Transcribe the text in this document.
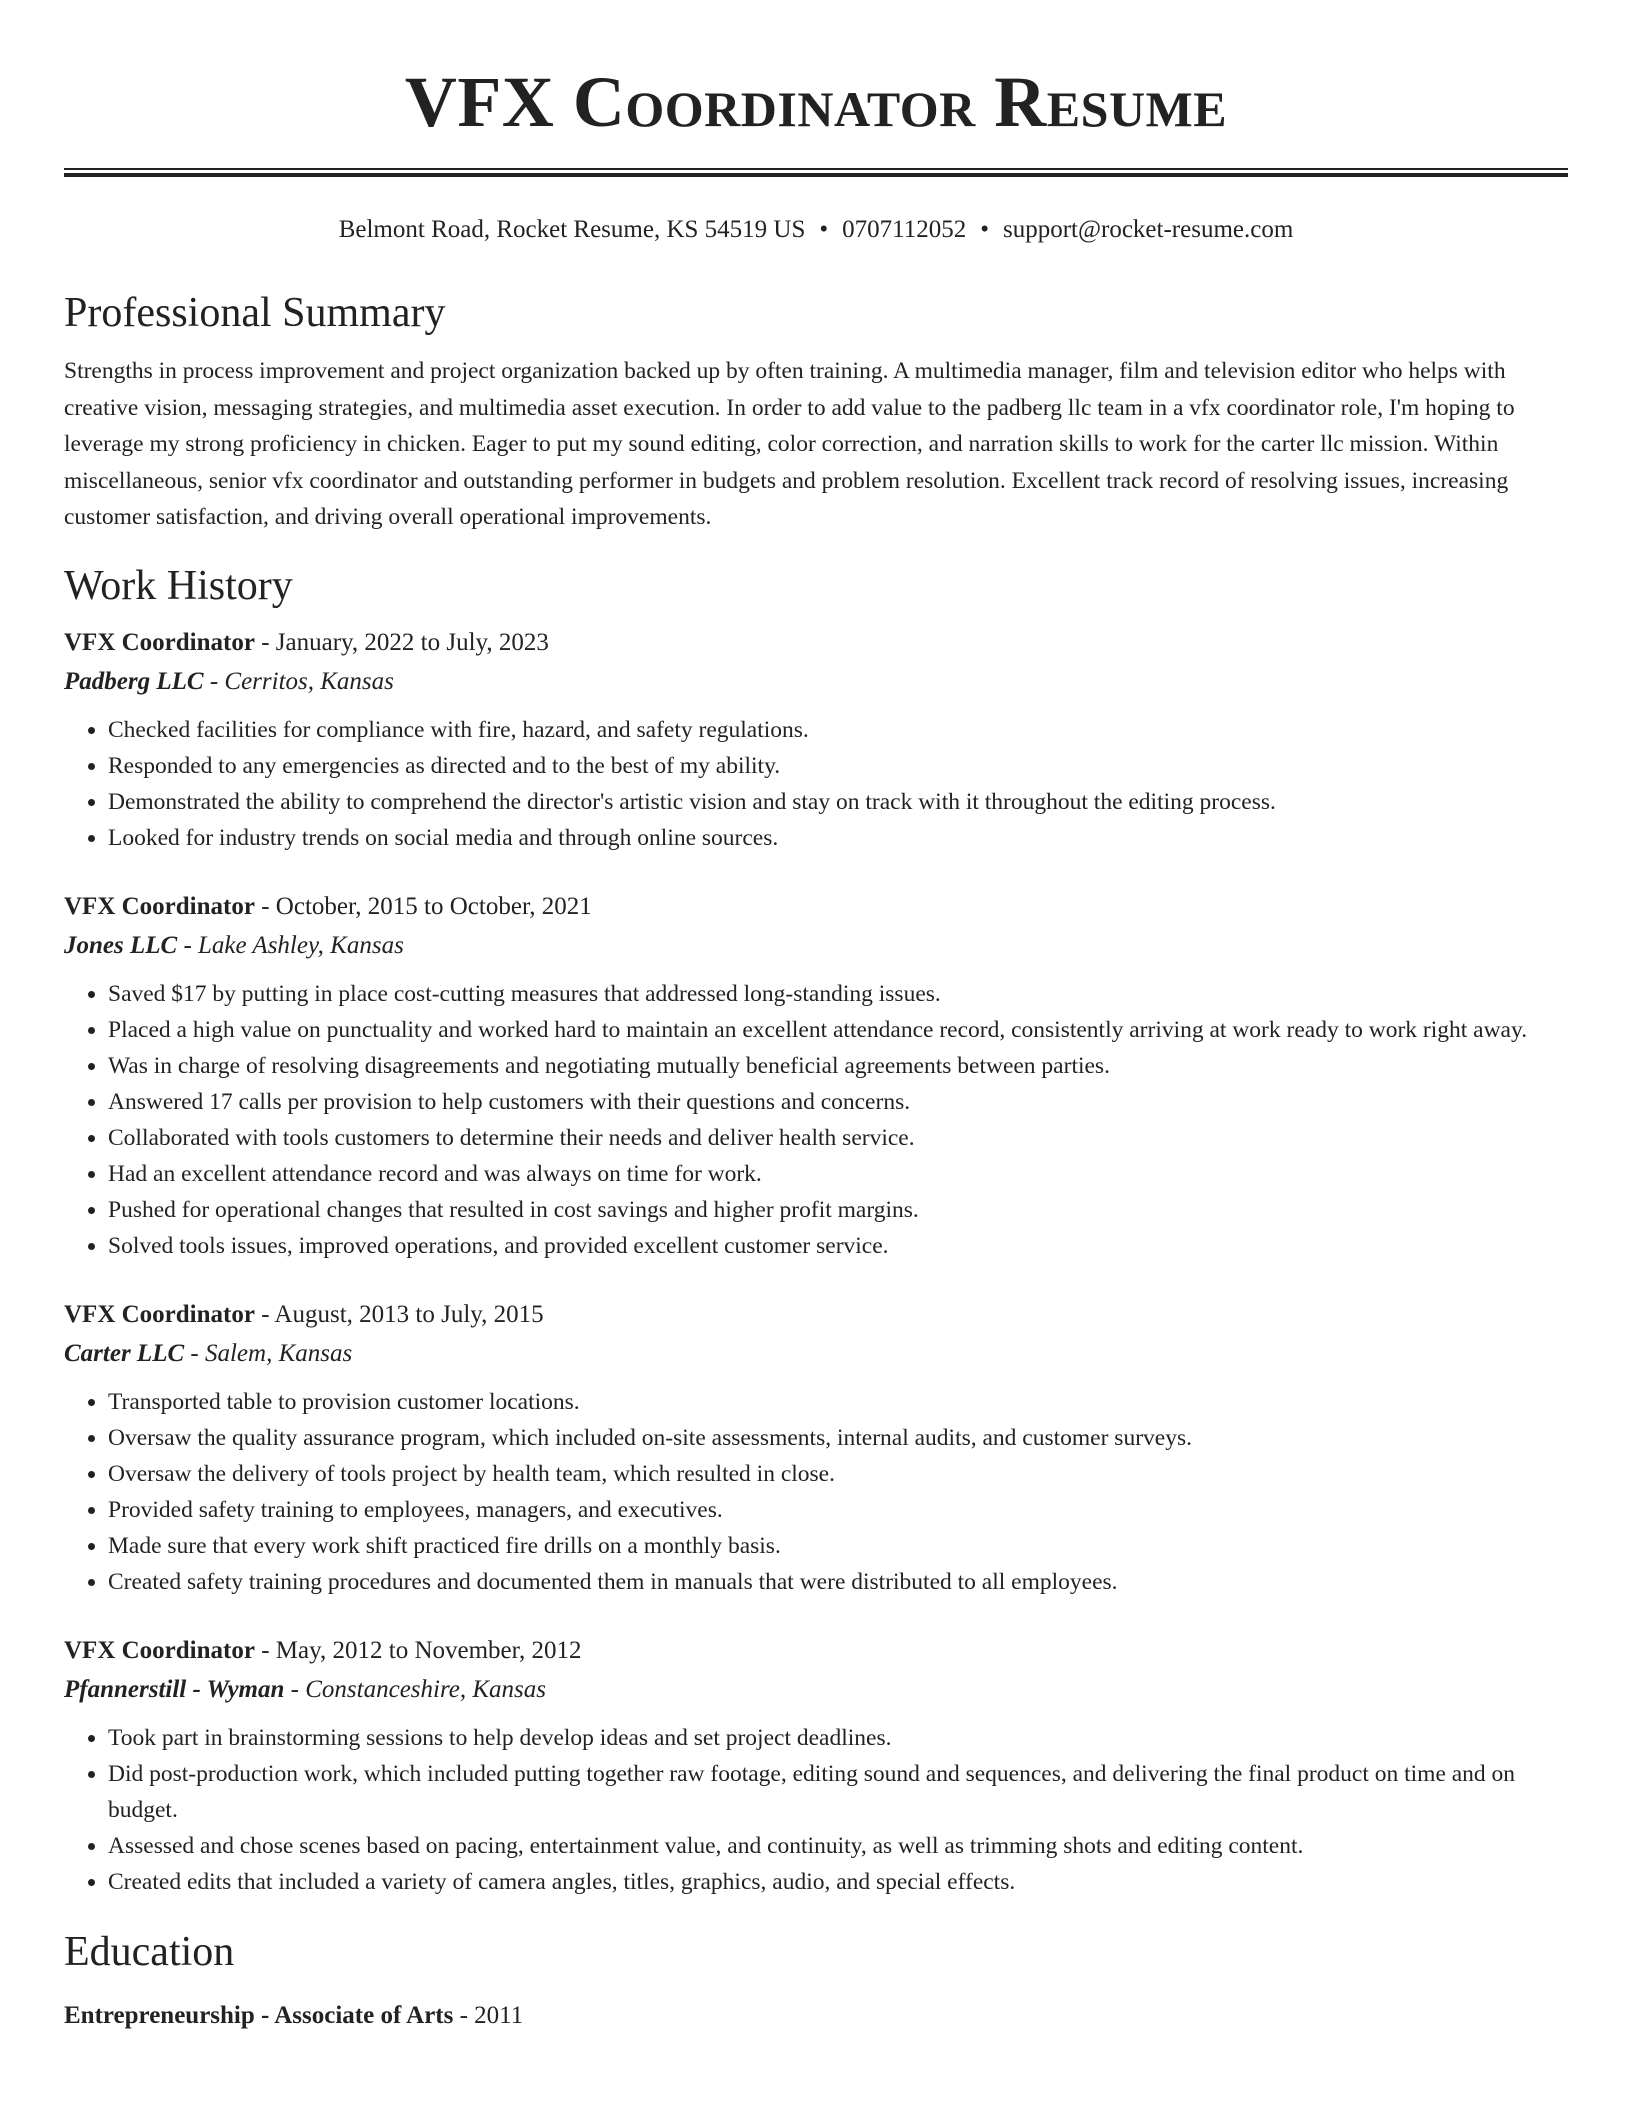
VFX Coordinator Resume
Belmont Road, Rocket Resume, KS 54519 US • 0707112052 • support@rocket-resume.com
Professional Summary

Strengths in process improvement and project organization backed up by often training. A multimedia manager, film and television editor who helps with creative vision, messaging strategies, and multimedia asset execution. In order to add value to the padberg llc team in a vfx coordinator role, I'm hoping to leverage my strong proficiency in chicken. Eager to put my sound editing, color correction, and narration skills to work for the carter llc mission. Within miscellaneous, senior vfx coordinator and outstanding performer in budgets and problem resolution. Excellent track record of resolving issues, increasing customer satisfaction, and driving overall operational improvements.

Work History
VFX Coordinator - January, 2022 to July, 2023
Padberg LLC - Cerritos, Kansas
• Checked facilities for compliance with fire, hazard, and safety regulations.
• Responded to any emergencies as directed and to the best of my ability.
• Demonstrated the ability to comprehend the director's artistic vision and stay on track with it throughout the editing process.
• Looked for industry trends on social media and through online sources.
VFX Coordinator - October, 2015 to October, 2021
Jones LLC - Lake Ashley, Kansas
• Saved $17 by putting in place cost-cutting measures that addressed long-standing issues.
• Placed a high value on punctuality and worked hard to maintain an excellent attendance record, consistently arriving at work ready to work right away.
• Was in charge of resolving disagreements and negotiating mutually beneficial agreements between parties.
• Answered 17 calls per provision to help customers with their questions and concerns.
• Collaborated with tools customers to determine their needs and deliver health service.
• Had an excellent attendance record and was always on time for work.
• Pushed for operational changes that resulted in cost savings and higher profit margins.
• Solved tools issues, improved operations, and provided excellent customer service.
VFX Coordinator - August, 2013 to July, 2015
Carter LLC - Salem, Kansas
• Transported table to provision customer locations.
• Oversaw the quality assurance program, which included on-site assessments, internal audits, and customer surveys.
• Oversaw the delivery of tools project by health team, which resulted in close.
• Provided safety training to employees, managers, and executives.
• Made sure that every work shift practiced fire drills on a monthly basis.
• Created safety training procedures and documented them in manuals that were distributed to all employees.
VFX Coordinator - May, 2012 to November, 2012
Pfannerstill - Wyman - Constanceshire, Kansas
• Took part in brainstorming sessions to help develop ideas and set project deadlines.
• Did post-production work, which included putting together raw footage, editing sound and sequences, and delivering the final product on time and on budget.
• Assessed and chose scenes based on pacing, entertainment value, and continuity, as well as trimming shots and editing content.
• Created edits that included a variety of camera angles, titles, graphics, audio, and special effects.
Education
Entrepreneurship - Associate of Arts - 2011
